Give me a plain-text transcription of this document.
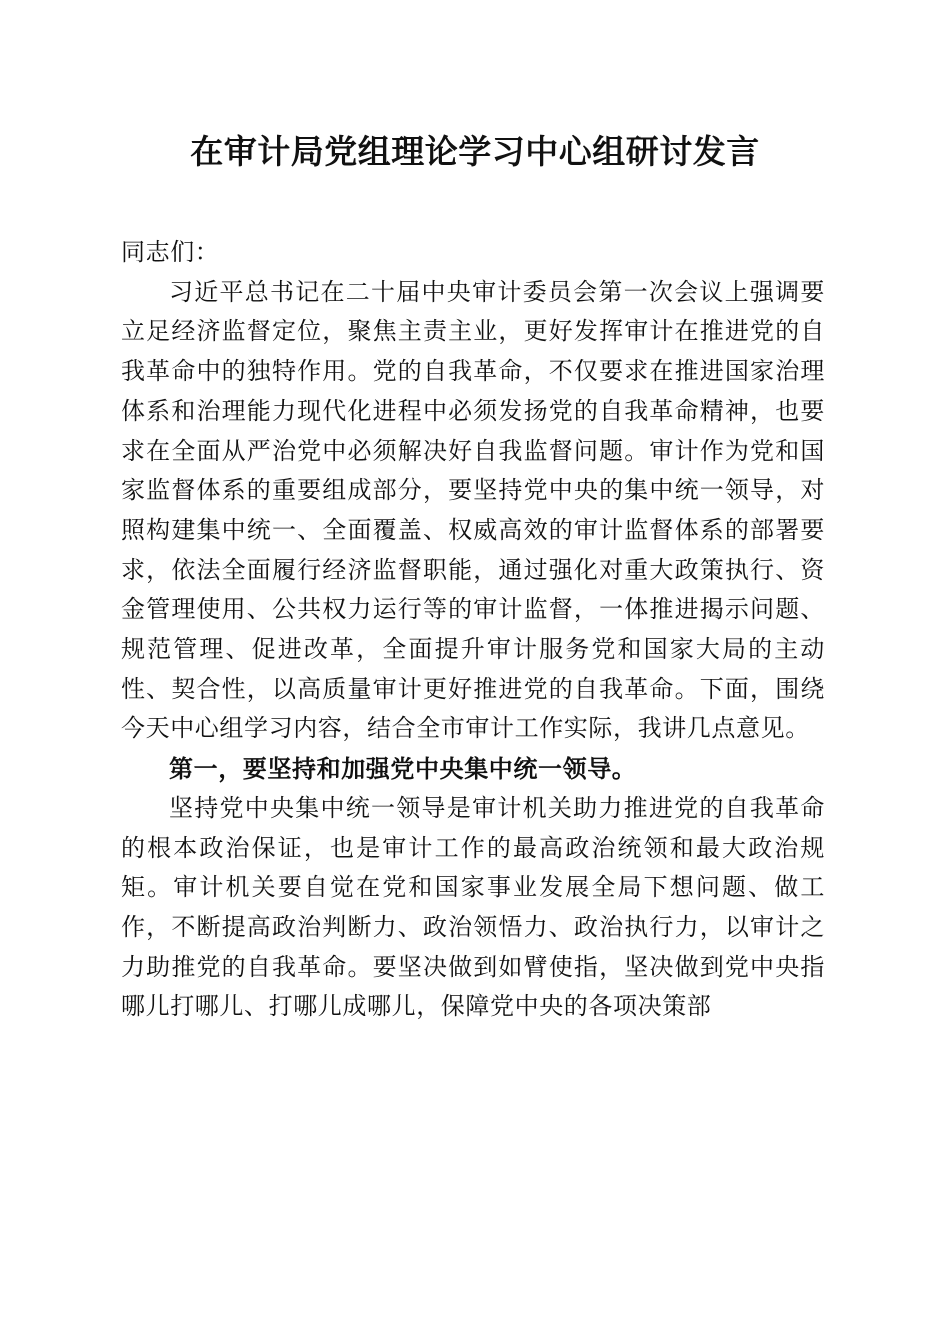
在审计局党组理论学习中心组研讨发言

同志们：

习近平总书记在二十届中央审计委员会第一次会议上强调要立足经济监督定位，聚焦主责主业，更好发挥审计在推进党的自我革命中的独特作用。党的自我革命，不仅要求在推进国家治理体系和治理能力现代化进程中必须发扬党的自我革命精神，也要求在全面从严治党中必须解决好自我监督问题。审计作为党和国家监督体系的重要组成部分，要坚持党中央的集中统一领导，对照构建集中统一、全面覆盖、权威高效的审计监督体系的部署要求，依法全面履行经济监督职能，通过强化对重大政策执行、资金管理使用、公共权力运行等的审计监督，一体推进揭示问题、规范管理、促进改革，全面提升审计服务党和国家大局的主动性、契合性，以高质量审计更好推进党的自我革命。下面，围绕今天中心组学习内容，结合全市审计工作实际，我讲几点意见。

第一，要坚持和加强党中央集中统一领导。

坚持党中央集中统一领导是审计机关助力推进党的自我革命的根本政治保证，也是审计工作的最高政治统领和最大政治规矩。审计机关要自觉在党和国家事业发展全局下想问题、做工作，不断提高政治判断力、政治领悟力、政治执行力，以审计之力助推党的自我革命。要坚决做到如臂使指，坚决做到党中央指哪儿打哪儿、打哪儿成哪儿，保障党中央的各项决策部
